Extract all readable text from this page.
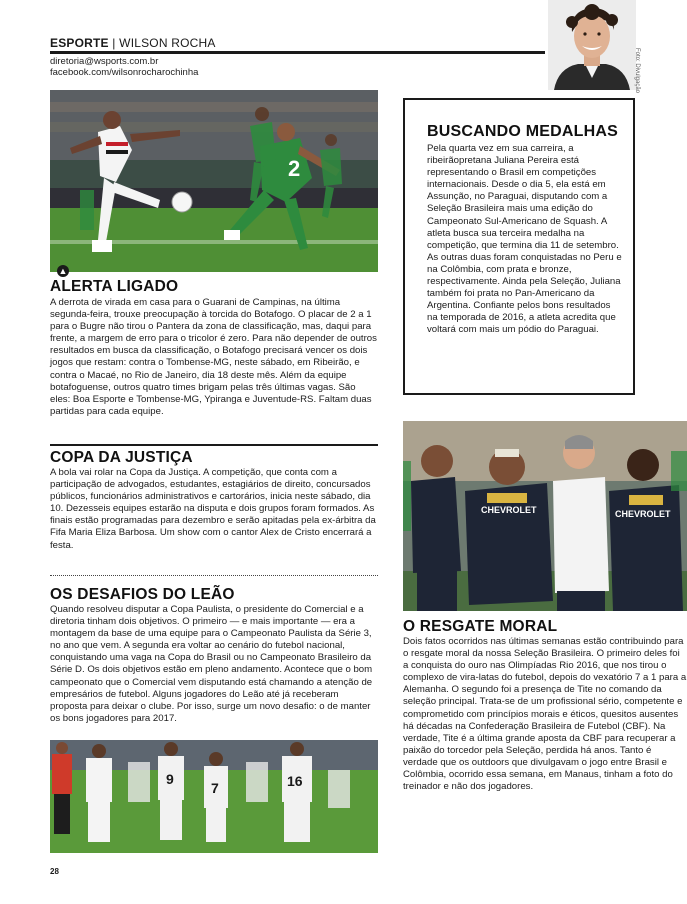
ESPORTE | WILSON ROCHA
diretoria@wsports.com.br
facebook.com/wilsonrocharochinha	Foto: Divulgação
2
▲
ALERTA LIGADO
A derrota de virada em casa para o Guarani de Campinas, na última segunda-feira, trouxe preocupação à torcida do Botafogo. O placar de 2 a 1 para o Bugre não tirou o Pantera da zona de classificação, mas, daqui para frente, a margem de erro para o tricolor é zero. Para não depender de outros resultados em busca da classificação, o Botafogo precisará vencer os dois jogos que restam: contra o Tombense-MG, neste sábado, em Ribeirão, e contra o Macaé, no Rio de Janeiro, dia 18 deste mês. Além da equipe botafoguense, outros quatro times brigam pelas três últimas vagas. São eles: Boa Esporte e Tombense-MG, Ypiranga e Juventude-RS. Faltam duas partidas para cada equipe.
COPA DA JUSTIÇA
A bola vai rolar na Copa da Justiça. A competição, que conta com a participação de advogados, estudantes, estagiários de direito, concursados públicos, funcionários administrativos e cartorários, inicia neste sábado, dia 10. Dezesseis equipes estarão na disputa e dois grupos foram formados. As finais estão programadas para dezembro e serão apitadas pela ex-árbitra da Fifa Maria Eliza Barbosa. Um show com o cantor Alex de Cristo encerrará a festa.
OS DESAFIOS DO LEÃO
Quando resolveu disputar a Copa Paulista, o presidente do Comercial e a diretoria tinham dois objetivos. O primeiro — e mais importante — era a montagem da base de uma equipe para o Campeonato Paulista da Série 3, no ano que vem. A segunda era voltar ao cenário do futebol nacional, conquistando uma vaga na Copa do Brasil ou no Campeonato Brasileiro da Série D. Os dois objetivos estão em pleno andamento. Acontece que o bom campeonato que o Comercial vem disputando está chamando a atenção de empresários de futebol. Alguns jogadores do Leão até já receberam proposta para deixar o clube. Por isso, surge um novo desafio: o de manter os bons jogadores para 2017.
9
7	16
BUSCANDO MEDALHAS
Pela quarta vez em sua carreira, a ribeirãopretana Juliana Pereira está representando o Brasil em competições internacionais. Desde o dia 5, ela está em Assunção, no Paraguai, disputando com a Seleção Brasileira mais uma edição do Campeonato Sul-Americano de Squash. A atleta busca sua terceira medalha na competição, que termina dia 11 de setembro. As outras duas foram conquistadas no Peru e na Colômbia, com prata e bronze, respectivamente. Ainda pela Seleção, Juliana também foi prata no Pan-Americano da Argentina. Confiante pelos bons resultados na temporada de 2016, a atleta acredita que voltará com mais um pódio do Paraguai.
CHEVROLET	CHEVROLET
O RESGATE MORAL
Dois fatos ocorridos nas últimas semanas estão contribuindo para o resgate moral da nossa Seleção Brasileira. O primeiro deles foi a conquista do ouro nas Olimpíadas Rio 2016, que nos tirou o complexo de vira-latas do futebol, depois do vexatório 7 a 1 para a Alemanha. O segundo foi a presença de Tite no comando da seleção principal. Trata-se de um profissional sério, competente e comprometido com princípios morais e éticos, quesitos ausentes há décadas na Confederação Brasileira de Futebol (CBF). Na verdade, Tite é a última grande aposta da CBF para recuperar a paixão do torcedor pela Seleção, perdida há anos. Tanto é verdade que os outdoors que divulgavam o jogo entre Brasil e Colômbia, ocorrido essa semana, em Manaus, tinham a foto do treinador e não dos jogadores.
28
